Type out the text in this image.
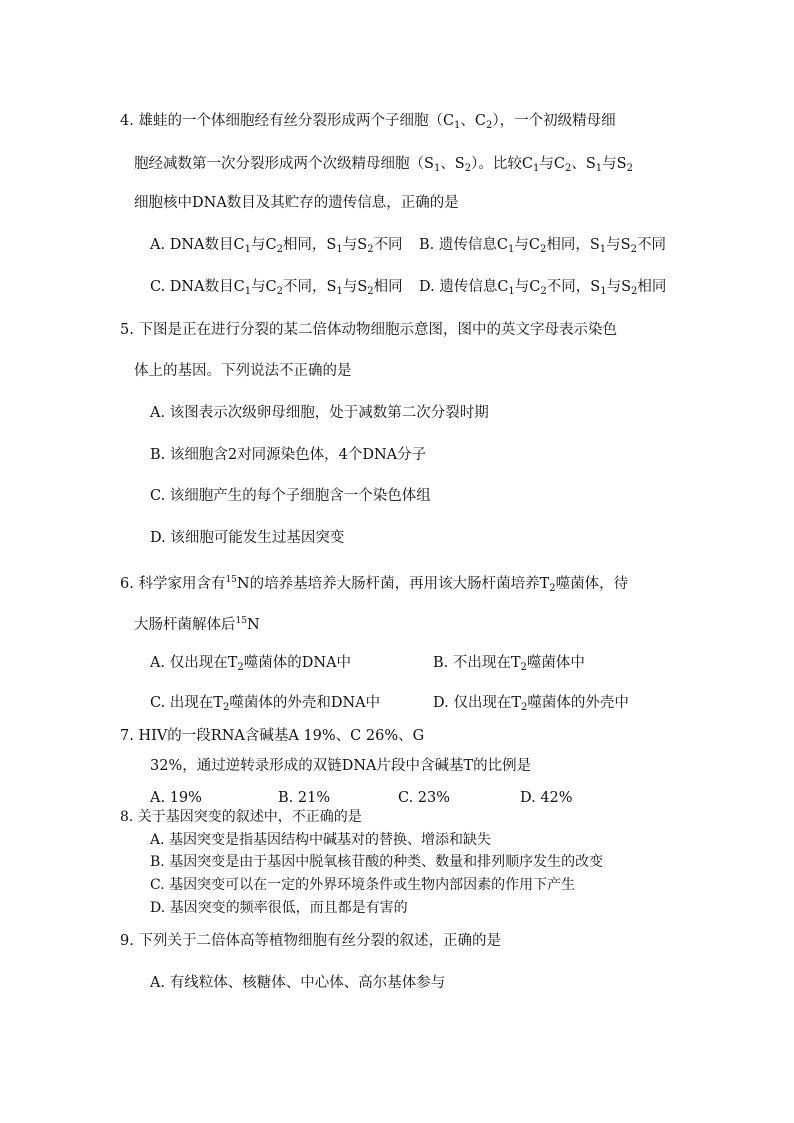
4. 雄蛙的一个体细胞经有丝分裂形成两个子细胞（$C_1$、$C_2$），一个初级精母细
胞经减数第一次分裂形成两个次级精母细胞（$S_1$、$S_2$）。比较$C_1$与$C_2$、$S_1$与$S_2$
细胞核中DNA数目及其贮存的遗传信息，正确的是
A. DNA数目$C_1$与$C_2$相同，$S_1$与$S_2$不同 B. 遗传信息$C_1$与$C_2$相同，$S_1$与$S_2$不同
C. DNA数目$C_1$与$C_2$不同，$S_1$与$S_2$相同 D. 遗传信息$C_1$与$C_2$不同，$S_1$与$S_2$相同
5. 下图是正在进行分裂的某二倍体动物细胞示意图，图中的英文字母表示染色
体上的基因。下列说法不正确的是
A. 该图表示次级卵母细胞，处于减数第二次分裂时期
B. 该细胞含2对同源染色体，4个DNA分子
C. 该细胞产生的每个子细胞含一个染色体组
D. 该细胞可能发生过基因突变
6. 科学家用含有$^{15}$N的培养基培养大肠杆菌，再用该大肠杆菌培养$T_2$噬菌体，待
大肠杆菌解体后$^{15}$N
A. 仅出现在$T_2$噬菌体的DNA中	B. 不出现在$T_2$噬菌体中
C. 出现在$T_2$噬菌体的外壳和DNA中	D. 仅出现在$T_2$噬菌体的外壳中
7. HIV的一段RNA含碱基A 19%、C 26%、G
32%，通过逆转录形成的双链DNA片段中含碱基T的比例是
A. 19%	B. 21%	C. 23%	D. 42%
8. 关于基因突变的叙述中，不正确的是
A. 基因突变是指基因结构中碱基对的替换、增添和缺失
B. 基因突变是由于基因中脱氧核苷酸的种类、数量和排列顺序发生的改变
C. 基因突变可以在一定的外界环境条件或生物内部因素的作用下产生
D. 基因突变的频率很低，而且都是有害的
9. 下列关于二倍体高等植物细胞有丝分裂的叙述，正确的是
A. 有线粒体、核糖体、中心体、高尔基体参与
